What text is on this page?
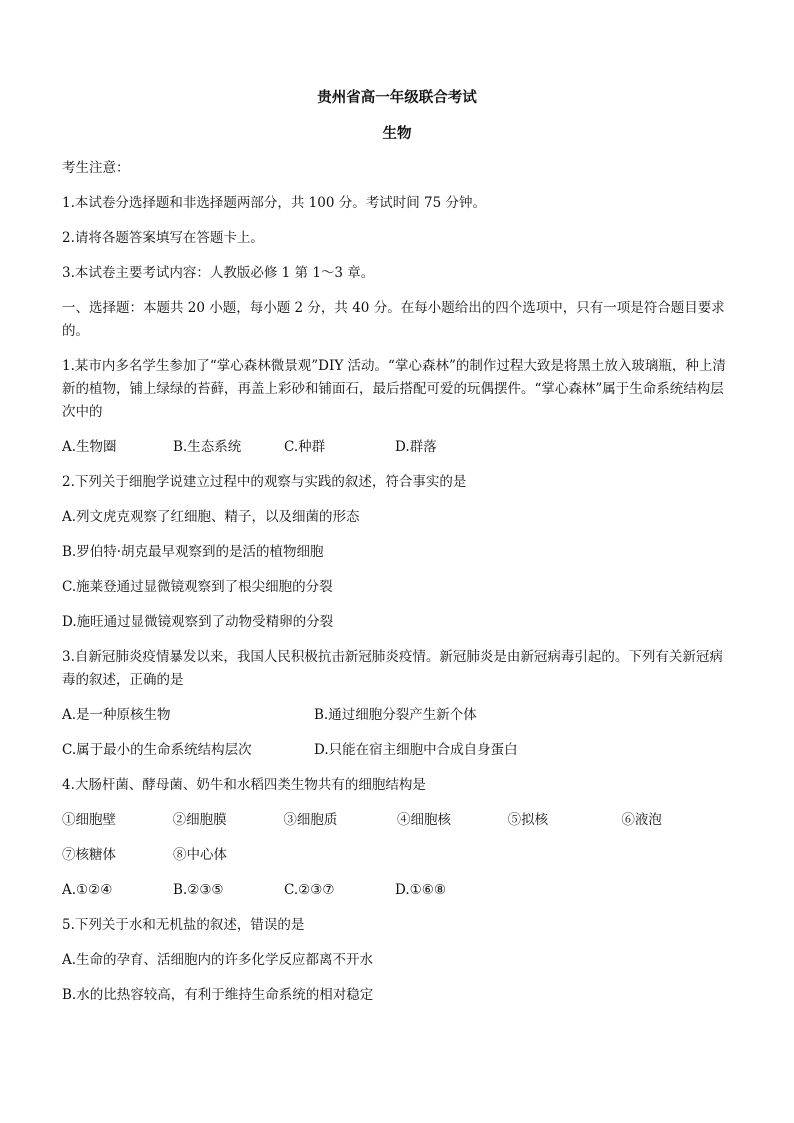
贵州省高一年级联合考试
生物
考生注意：
1.本试卷分选择题和非选择题两部分，共 100 分。考试时间 75 分钟。
2.请将各题答案填写在答题卡上。
3.本试卷主要考试内容：人教版必修 1 第 1～3 章。
一、选择题：本题共 20 小题，每小题 2 分，共 40 分。在每小题给出的四个选项中，只有一项是符合题目要求的。
1.某市内多名学生参加了“掌心森林微景观”DIY 活动。“掌心森林”的制作过程大致是将黑土放入玻璃瓶，种上清新的植物，铺上绿绿的苔藓，再盖上彩砂和铺面石，最后搭配可爱的玩偶摆件。“掌心森林”属于生命系统结构层次中的
A.生物圈	B.生态系统	C.种群	D.群落
2.下列关于细胞学说建立过程中的观察与实践的叙述，符合事实的是
A.列文虎克观察了红细胞、精子，以及细菌的形态
B.罗伯特·胡克最早观察到的是活的植物细胞
C.施莱登通过显微镜观察到了根尖细胞的分裂
D.施旺通过显微镜观察到了动物受精卵的分裂
3.自新冠肺炎疫情暴发以来，我国人民积极抗击新冠肺炎疫情。新冠肺炎是由新冠病毒引起的。下列有关新冠病毒的叙述，正确的是
A.是一种原核生物	B.通过细胞分裂产生新个体
C.属于最小的生命系统结构层次	D.只能在宿主细胞中合成自身蛋白
4.大肠杆菌、酵母菌、奶牛和水稻四类生物共有的细胞结构是
①细胞壁	②细胞膜	③细胞质	④细胞核	⑤拟核	⑥液泡
⑦核糖体	⑧中心体
A.①②④	B.②③⑤	C.②③⑦	D.①⑥⑧
5.下列关于水和无机盐的叙述，错误的是
A.生命的孕育、活细胞内的许多化学反应都离不开水
B.水的比热容较高，有利于维持生命系统的相对稳定
